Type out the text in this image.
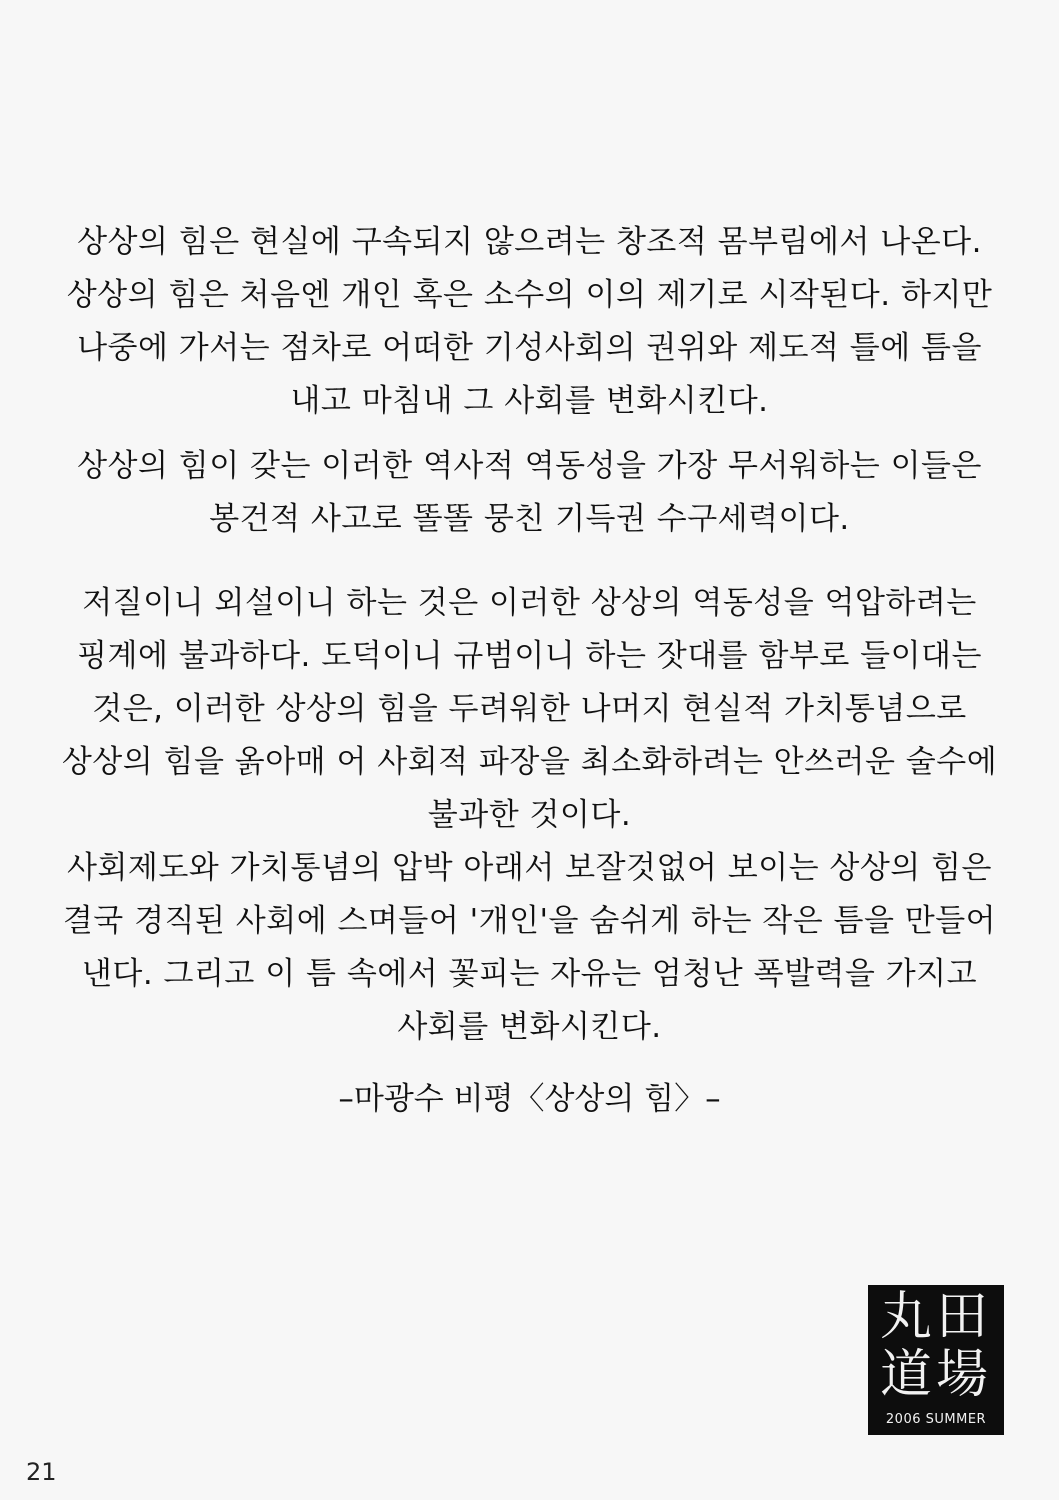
상상의 힘은 현실에 구속되지 않으려는 창조적 몸부림에서 나온다.
상상의 힘은 처음엔 개인 혹은 소수의 이의 제기로 시작된다. 하지만
나중에 가서는 점차로 어떠한 기성사회의 권위와 제도적 틀에 틈을
내고 마침내 그 사회를 변화시킨다.
상상의 힘이 갖는 이러한 역사적 역동성을 가장 무서워하는 이들은
봉건적 사고로 똘똘 뭉친 기득권 수구세력이다.
저질이니 외설이니 하는 것은 이러한 상상의 역동성을 억압하려는
핑계에 불과하다. 도덕이니 규범이니 하는 잣대를 함부로 들이대는
것은, 이러한 상상의 힘을 두려워한 나머지 현실적 가치통념으로
상상의 힘을 옭아매 어 사회적 파장을 최소화하려는 안쓰러운 술수에
불과한 것이다.
사회제도와 가치통념의 압박 아래서 보잘것없어 보이는 상상의 힘은
결국 경직된 사회에 스며들어 '개인'을 숨쉬게 하는 작은 틈을 만들어
낸다. 그리고 이 틈 속에서 꽃피는 자유는 엄청난 폭발력을 가지고
사회를 변화시킨다.
–마광수 비평〈상상의 힘〉–
丸田
道場
2006 SUMMER
21
